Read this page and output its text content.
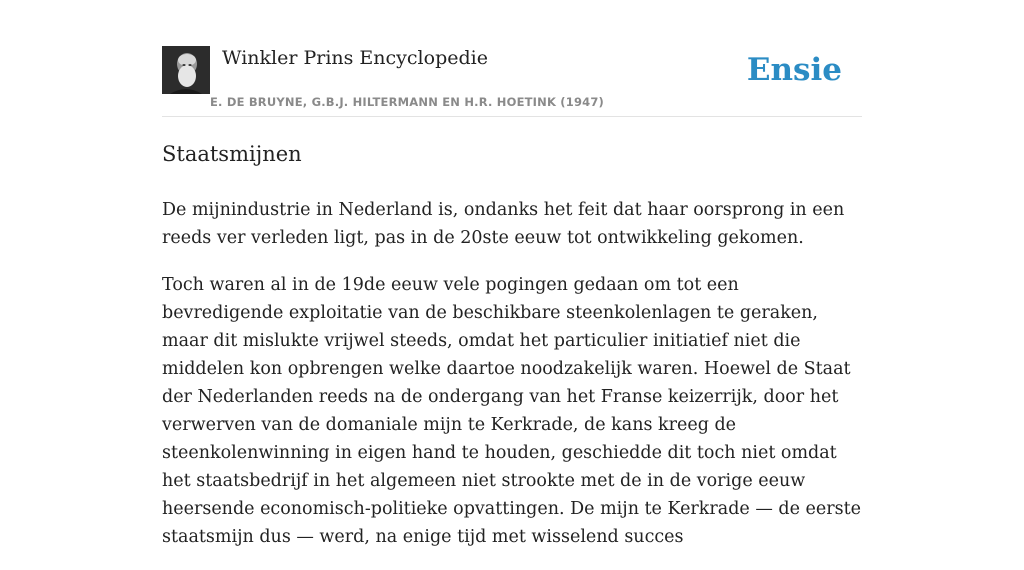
Winkler Prins Encyclopedie
E. DE BRUYNE, G.B.J. HILTERMANN EN H.R. HOETINK (1947)
Ensie
Staatsmijnen

De mijnindustrie in Nederland is, ondanks het feit dat haar oorsprong in een reeds ver verleden ligt, pas in de 20ste eeuw tot ontwikkeling gekomen.

Toch waren al in de 19de eeuw vele pogingen gedaan om tot een bevredigende exploitatie van de beschikbare steenkolenlagen te geraken, maar dit mislukte vrijwel steeds, omdat het particulier initiatief niet die middelen kon opbrengen welke daartoe noodzakelijk waren. Hoewel de Staat der Nederlanden reeds na de ondergang van het Franse keizerrijk, door het verwerven van de domaniale mijn te Kerkrade, de kans kreeg de steenkolenwinning in eigen hand te houden, geschiedde dit toch niet omdat het staatsbedrijf in het algemeen niet strookte met de in de vorige eeuw heersende economisch-politieke opvattingen. De mijn te Kerkrade — de eerste staatsmijn dus — werd, na enige tijd met wisselend succes
